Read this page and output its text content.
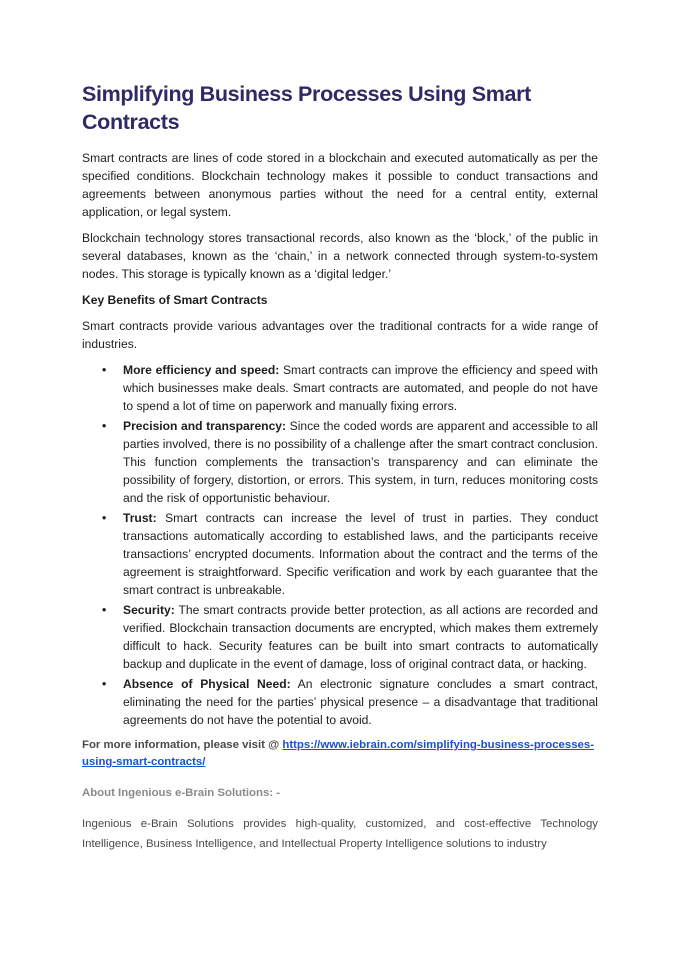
Simplifying Business Processes Using Smart Contracts

Smart contracts are lines of code stored in a blockchain and executed automatically as per the specified conditions. Blockchain technology makes it possible to conduct transactions and agreements between anonymous parties without the need for a central entity, external application, or legal system.

Blockchain technology stores transactional records, also known as the ‘block,’ of the public in several databases, known as the ‘chain,’ in a network connected through system-to-system nodes. This storage is typically known as a ‘digital ledger.’

Key Benefits of Smart Contracts

Smart contracts provide various advantages over the traditional contracts for a wide range of industries.

• More efficiency and speed: Smart contracts can improve the efficiency and speed with which businesses make deals. Smart contracts are automated, and people do not have to spend a lot of time on paperwork and manually fixing errors.
• Precision and transparency: Since the coded words are apparent and accessible to all parties involved, there is no possibility of a challenge after the smart contract conclusion. This function complements the transaction’s transparency and can eliminate the possibility of forgery, distortion, or errors. This system, in turn, reduces monitoring costs and the risk of opportunistic behaviour.
• Trust: Smart contracts can increase the level of trust in parties. They conduct transactions automatically according to established laws, and the participants receive transactions’ encrypted documents. Information about the contract and the terms of the agreement is straightforward. Specific verification and work by each guarantee that the smart contract is unbreakable.
• Security: The smart contracts provide better protection, as all actions are recorded and verified. Blockchain transaction documents are encrypted, which makes them extremely difficult to hack. Security features can be built into smart contracts to automatically backup and duplicate in the event of damage, loss of original contract data, or hacking.
• Absence of Physical Need: An electronic signature concludes a smart contract, eliminating the need for the parties’ physical presence – a disadvantage that traditional agreements do not have the potential to avoid.
For more information, please visit @ https://www.iebrain.com/simplifying-business-processes-using-smart-contracts/
About Ingenious e-Brain Solutions: -
Ingenious e-Brain Solutions provides high-quality, customized, and cost-effective Technology Intelligence, Business Intelligence, and Intellectual Property Intelligence solutions to industry
